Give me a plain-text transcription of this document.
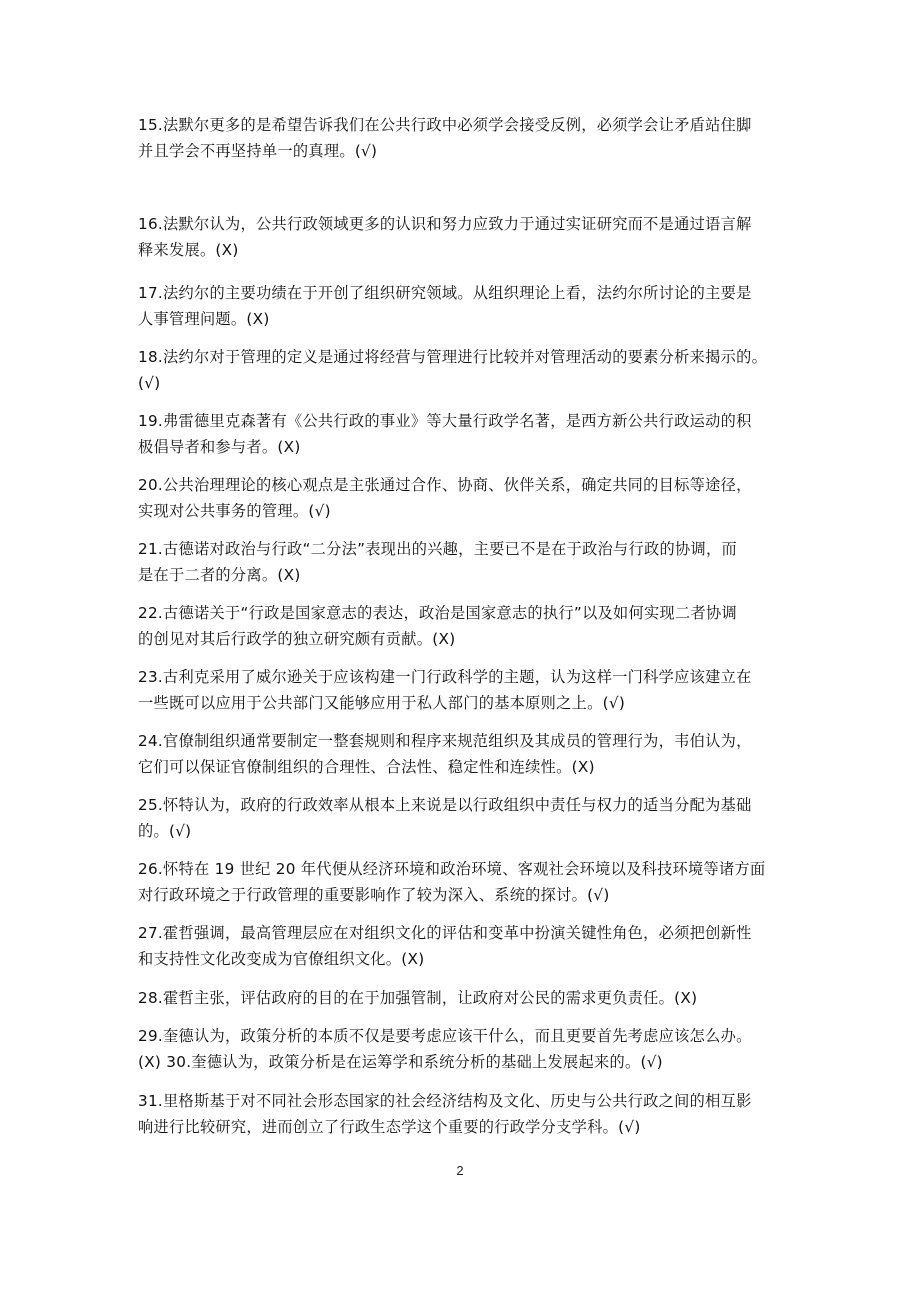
15.法默尔更多的是希望告诉我们在公共行政中必须学会接受反例，必须学会让矛盾站住脚
并且学会不再坚持单一的真理。(√)
16.法默尔认为，公共行政领域更多的认识和努力应致力于通过实证研究而不是通过语言解
释来发展。(X)
17.法约尔的主要功绩在于开创了组织研究领域。从组织理论上看，法约尔所讨论的主要是
人事管理问题。(X)
18.法约尔对于管理的定义是通过将经营与管理进行比较并对管理活动的要素分析来揭示的。
(√)
19.弗雷德里克森著有《公共行政的事业》等大量行政学名著，是西方新公共行政运动的积
极倡导者和参与者。(X)
20.公共治理理论的核心观点是主张通过合作、协商、伙伴关系，确定共同的目标等途径，
实现对公共事务的管理。(√)
21.古德诺对政治与行政“二分法”表现出的兴趣，主要已不是在于政治与行政的协调，而
是在于二者的分离。(X)
22.古德诺关于“行政是国家意志的表达，政治是国家意志的执行”以及如何实现二者协调
的创见对其后行政学的独立研究颇有贡献。(X)
23.古利克采用了威尔逊关于应该构建一门行政科学的主题，认为这样一门科学应该建立在
一些既可以应用于公共部门又能够应用于私人部门的基本原则之上。(√)
24.官僚制组织通常要制定一整套规则和程序来规范组织及其成员的管理行为，韦伯认为，
它们可以保证官僚制组织的合理性、合法性、稳定性和连续性。(X)
25.怀特认为，政府的行政效率从根本上来说是以行政组织中责任与权力的适当分配为基础
的。(√)
26.怀特在 19 世纪 20 年代便从经济环境和政治环境、客观社会环境以及科技环境等诸方面
对行政环境之于行政管理的重要影响作了较为深入、系统的探讨。(√)
27.霍哲强调，最高管理层应在对组织文化的评估和变革中扮演关键性角色，必须把创新性
和支持性文化改变成为官僚组织文化。(X)
28.霍哲主张，评估政府的目的在于加强管制，让政府对公民的需求更负责任。(X)
29.奎德认为，政策分析的本质不仅是要考虑应该干什么，而且更要首先考虑应该怎么办。
(X) 30.奎德认为，政策分析是在运筹学和系统分析的基础上发展起来的。(√)
31.里格斯基于对不同社会形态国家的社会经济结构及文化、历史与公共行政之间的相互影
响进行比较研究，进而创立了行政生态学这个重要的行政学分支学科。(√)
2
